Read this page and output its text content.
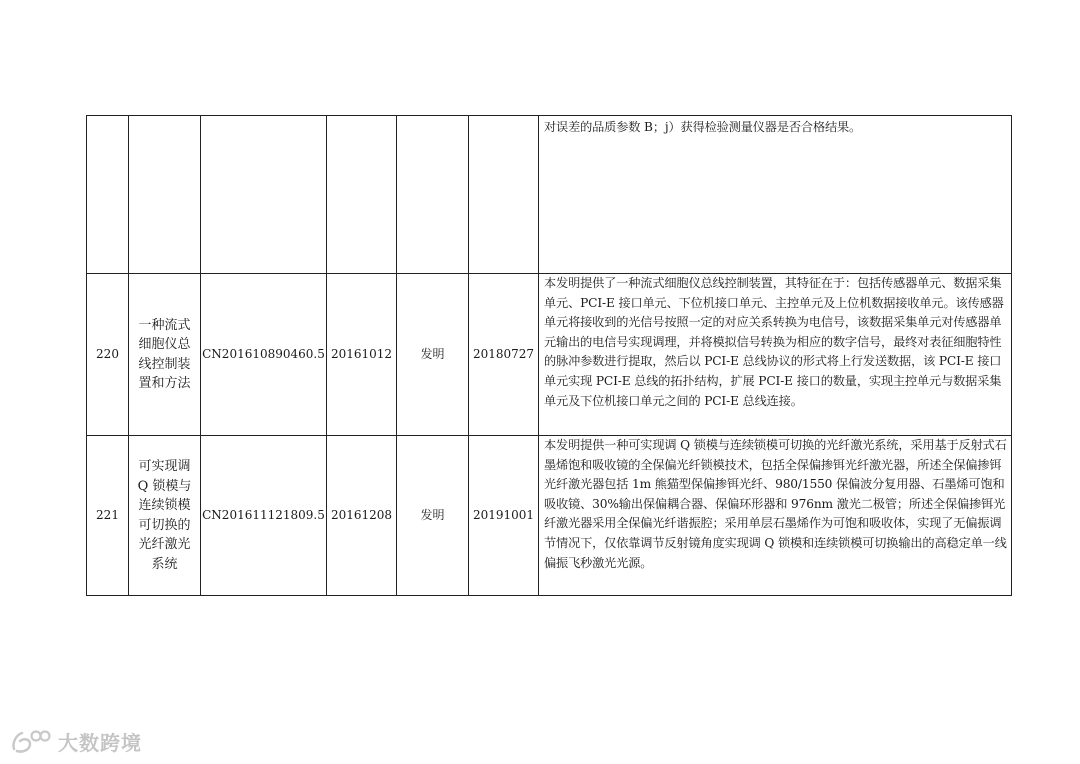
						对误差的品质参数 B；j）获得检验测量仪器是否合格结果。
220	一种流式细胞仪总线控制装置和方法	CN201610890460.5	20161012	发明	20180727	本发明提供了一种流式细胞仪总线控制装置，其特征在于：包括传感器单元、数据采集单元、PCI-E 接口单元、下位机接口单元、主控单元及上位机数据接收单元。该传感器单元将接收到的光信号按照一定的对应关系转换为电信号，该数据采集单元对传感器单元输出的电信号实现调理，并将模拟信号转换为相应的数字信号，最终对表征细胞特性的脉冲参数进行提取，然后以 PCI-E 总线协议的形式将上行发送数据，该 PCI-E 接口单元实现 PCI-E 总线的拓扑结构，扩展 PCI-E 接口的数量，实现主控单元与数据采集单元及下位机接口单元之间的 PCI-E 总线连接。
221	可实现调 Q 锁模与连续锁模可切换的光纤激光系统	CN201611121809.5	20161208	发明	20191001	本发明提供一种可实现调 Q 锁模与连续锁模可切换的光纤激光系统，采用基于反射式石墨烯饱和吸收镜的全保偏光纤锁模技术，包括全保偏掺铒光纤激光器，所述全保偏掺铒光纤激光器包括 1m 熊猫型保偏掺铒光纤、980/1550 保偏波分复用器、石墨烯可饱和吸收镜、30%输出保偏耦合器、保偏环形器和 976nm 激光二极管；所述全保偏掺铒光纤激光器采用全保偏光纤谐振腔；采用单层石墨烯作为可饱和吸收体，实现了无偏振调节情况下，仅依靠调节反射镜角度实现调 Q 锁模和连续锁模可切换输出的高稳定单一线偏振飞秒激光光源。
大数跨境
